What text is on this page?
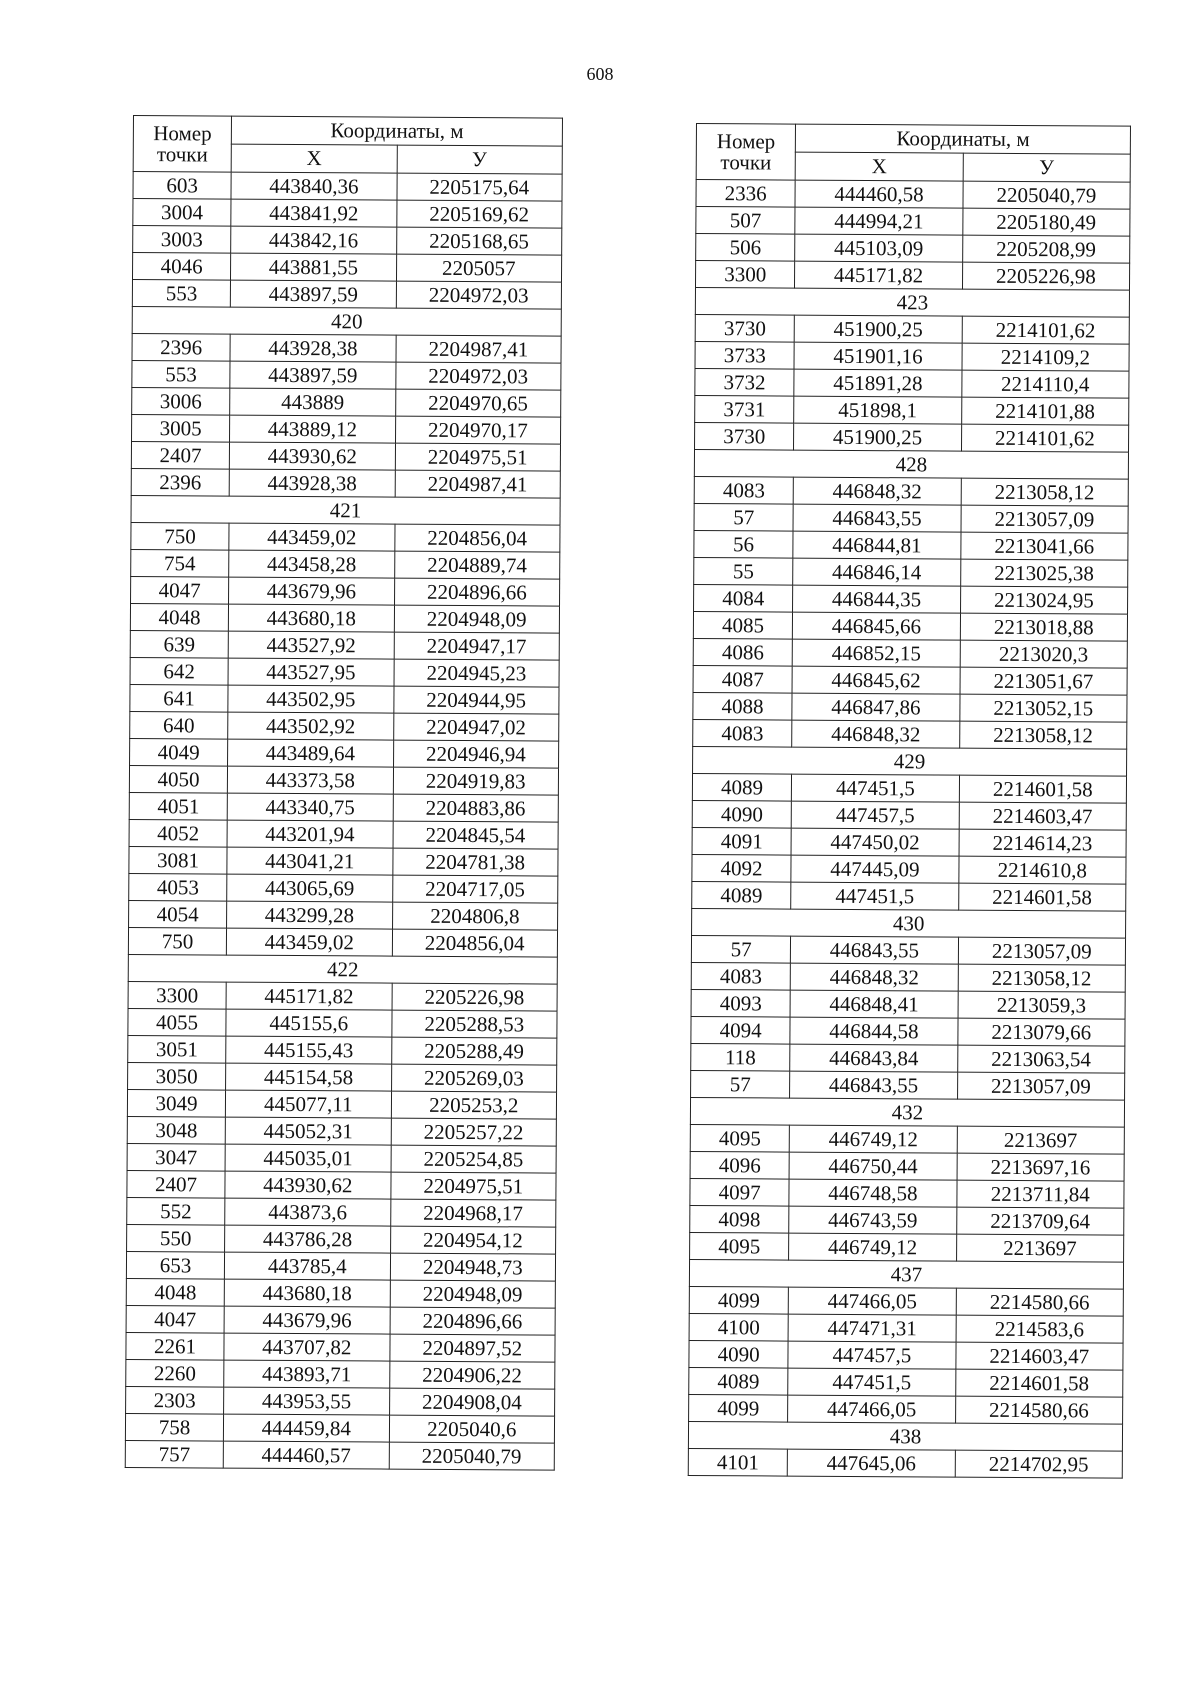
608
Номер
точки	Координаты, м	
	X	У
603	443840,36	2205175,64
3004	443841,92	2205169,62
3003	443842,16	2205168,65
4046	443881,55	2205057
553	443897,59	2204972,03
420		
2396	443928,38	2204987,41
553	443897,59	2204972,03
3006	443889	2204970,65
3005	443889,12	2204970,17
2407	443930,62	2204975,51
2396	443928,38	2204987,41
421		
750	443459,02	2204856,04
754	443458,28	2204889,74
4047	443679,96	2204896,66
4048	443680,18	2204948,09
639	443527,92	2204947,17
642	443527,95	2204945,23
641	443502,95	2204944,95
640	443502,92	2204947,02
4049	443489,64	2204946,94
4050	443373,58	2204919,83
4051	443340,75	2204883,86
4052	443201,94	2204845,54
3081	443041,21	2204781,38
4053	443065,69	2204717,05
4054	443299,28	2204806,8
750	443459,02	2204856,04
422		
3300	445171,82	2205226,98
4055	445155,6	2205288,53
3051	445155,43	2205288,49
3050	445154,58	2205269,03
3049	445077,11	2205253,2
3048	445052,31	2205257,22
3047	445035,01	2205254,85
2407	443930,62	2204975,51
552	443873,6	2204968,17
550	443786,28	2204954,12
653	443785,4	2204948,73
4048	443680,18	2204948,09
4047	443679,96	2204896,66
2261	443707,82	2204897,52
2260	443893,71	2204906,22
2303	443953,55	2204908,04
758	444459,84	2205040,6
757	444460,57	2205040,79
Номер
точки	Координаты, м	
	X	У
2336	444460,58	2205040,79
507	444994,21	2205180,49
506	445103,09	2205208,99
3300	445171,82	2205226,98
423		
3730	451900,25	2214101,62
3733	451901,16	2214109,2
3732	451891,28	2214110,4
3731	451898,1	2214101,88
3730	451900,25	2214101,62
428		
4083	446848,32	2213058,12
57	446843,55	2213057,09
56	446844,81	2213041,66
55	446846,14	2213025,38
4084	446844,35	2213024,95
4085	446845,66	2213018,88
4086	446852,15	2213020,3
4087	446845,62	2213051,67
4088	446847,86	2213052,15
4083	446848,32	2213058,12
429		
4089	447451,5	2214601,58
4090	447457,5	2214603,47
4091	447450,02	2214614,23
4092	447445,09	2214610,8
4089	447451,5	2214601,58
430		
57	446843,55	2213057,09
4083	446848,32	2213058,12
4093	446848,41	2213059,3
4094	446844,58	2213079,66
118	446843,84	2213063,54
57	446843,55	2213057,09
432		
4095	446749,12	2213697
4096	446750,44	2213697,16
4097	446748,58	2213711,84
4098	446743,59	2213709,64
4095	446749,12	2213697
437		
4099	447466,05	2214580,66
4100	447471,31	2214583,6
4090	447457,5	2214603,47
4089	447451,5	2214601,58
4099	447466,05	2214580,66
438		
4101	447645,06	2214702,95
